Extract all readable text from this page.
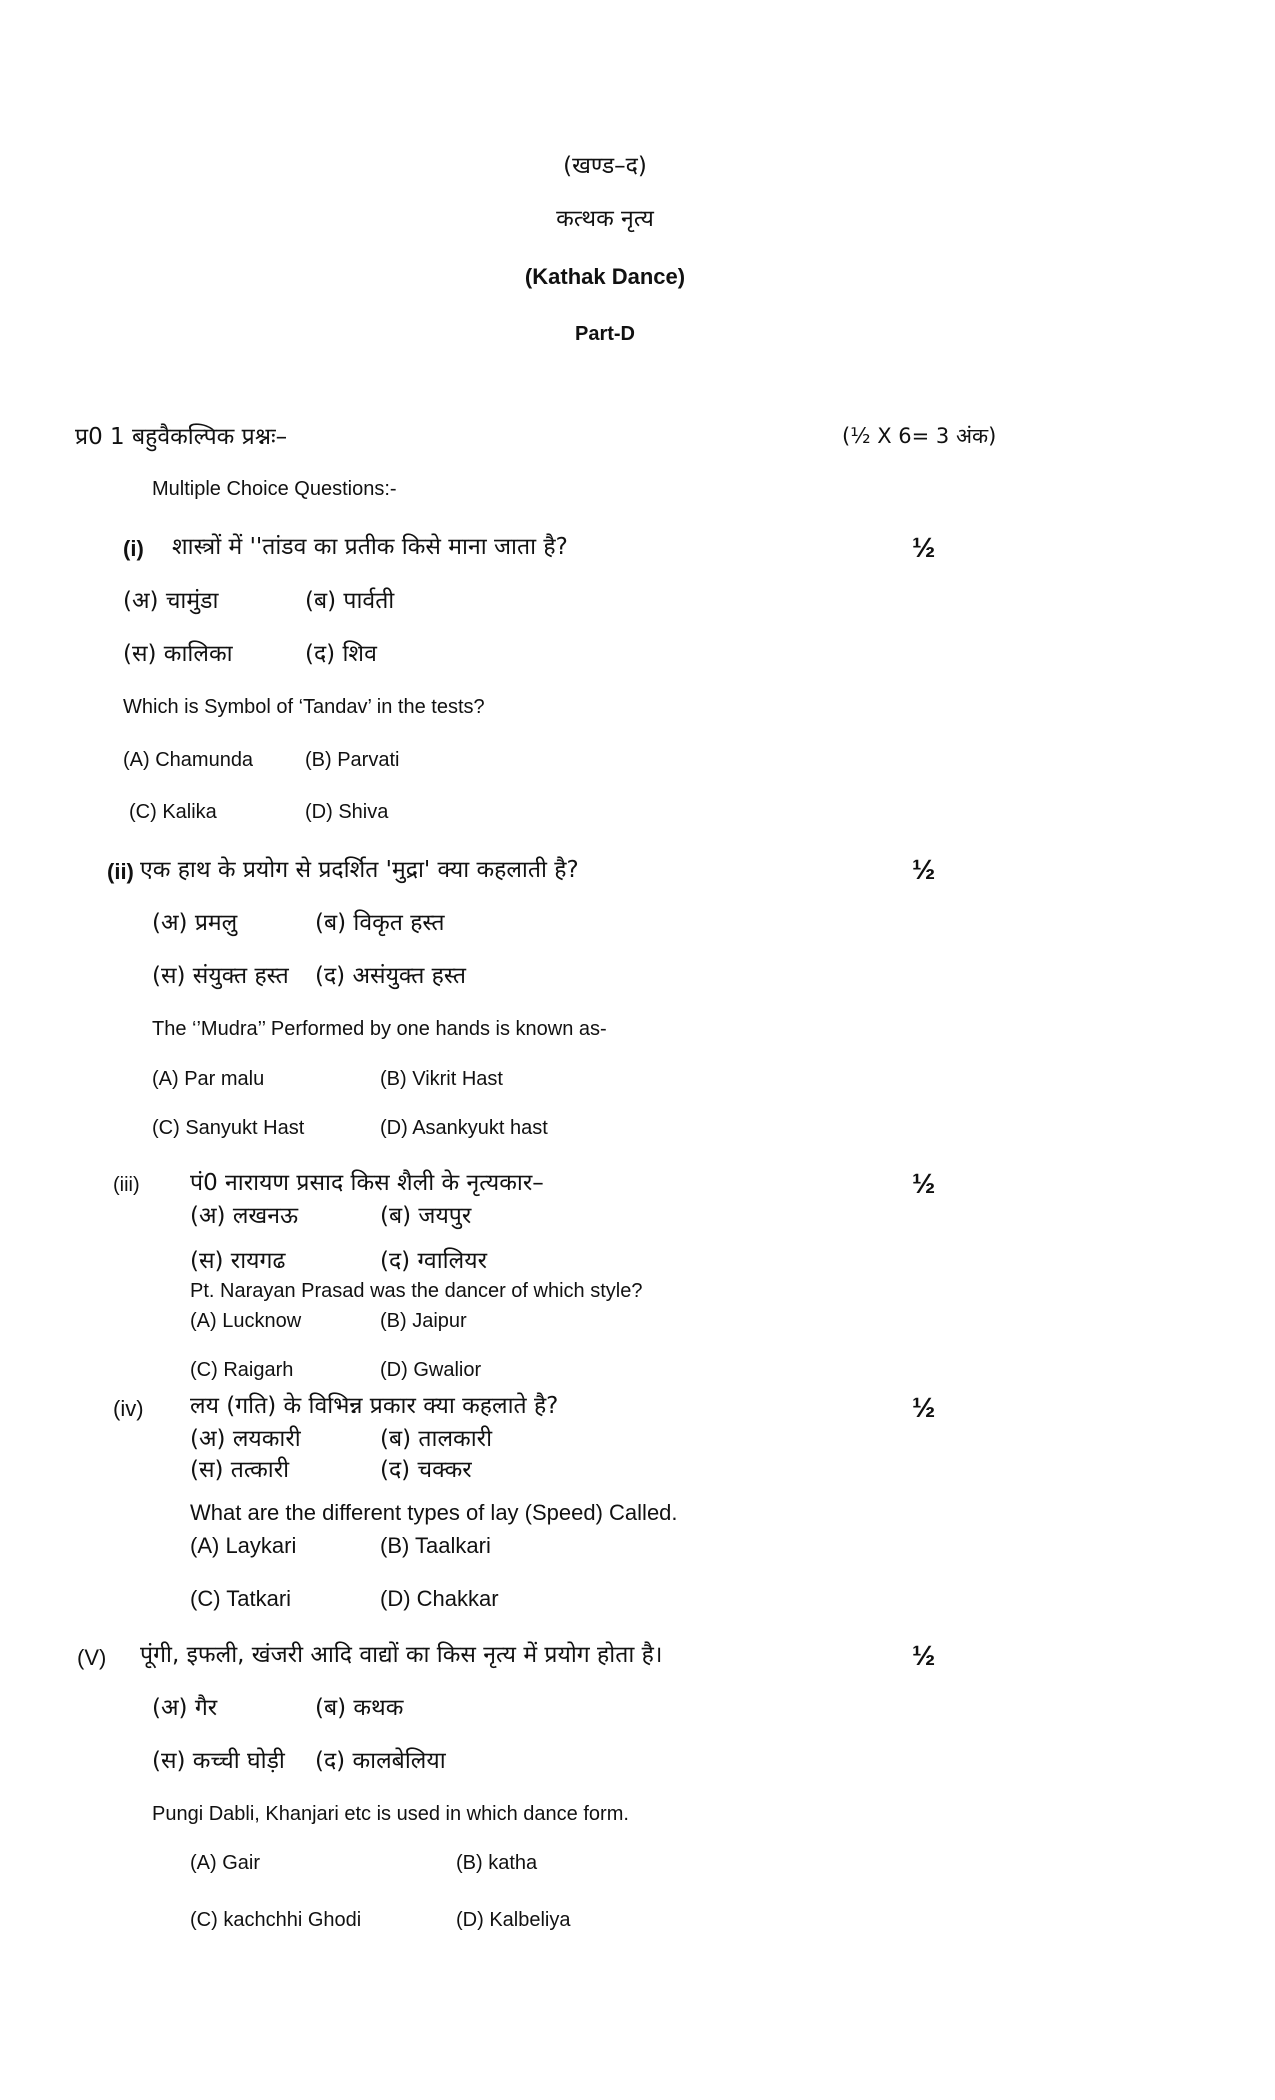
(खण्ड–द)
कत्थक नृत्य
(Kathak Dance)
Part-D
प्र0 1 बहुवैकल्पिक प्रश्नः–	(½ X 6= 3 अंक)
Multiple Choice Questions:-
(i) शास्त्रों में ''तांडव का प्रतीक किसे माना जाता है?	½
(अ) चामुंडा	(ब) पार्वती
(स) कालिका	(द) शिव
Which is Symbol of ‘Tandav’ in the tests?
(A) Chamunda	(B) Parvati
(C) Kalika	(D) Shiva
(ii) एक हाथ के प्रयोग से प्रदर्शित 'मुद्रा' क्या कहलाती है?	½
(अ) प्रमलु	(ब) विकृत हस्त
(स) संयुक्त हस्त (द) असंयुक्त हस्त
The ‘’Mudra’’ Performed by one hands is known as-
(A) Par malu	(B) Vikrit Hast
(C) Sanyukt Hast	(D) Asankyukt hast
(iii) पं0 नारायण प्रसाद किस शैली के नृत्यकार–	½
(अ) लखनऊ	(ब) जयपुर
(स) रायगढ	(द) ग्वालियर
Pt. Narayan Prasad was the dancer of which style?
(A) Lucknow	(B) Jaipur
(C) Raigarh	(D) Gwalior
(iv) लय (गति) के विभिन्न प्रकार क्या कहलाते है?	½
(अ) लयकारी	(ब) तालकारी
(स) तत्कारी	(द) चक्कर
What are the different types of lay (Speed) Called.
(A) Laykari	(B) Taalkari
(C) Tatkari	(D) Chakkar
(V) पूंगी, इफली, खंजरी आदि वाद्यों का किस नृत्य में प्रयोग होता है।	½
(अ) गैर	(ब) कथक
(स) कच्ची घोड़ी (द) कालबेलिया
Pungi Dabli, Khanjari etc is used in which dance form.
(A) Gair	(B) katha
(C) kachchhi Ghodi	(D) Kalbeliya
